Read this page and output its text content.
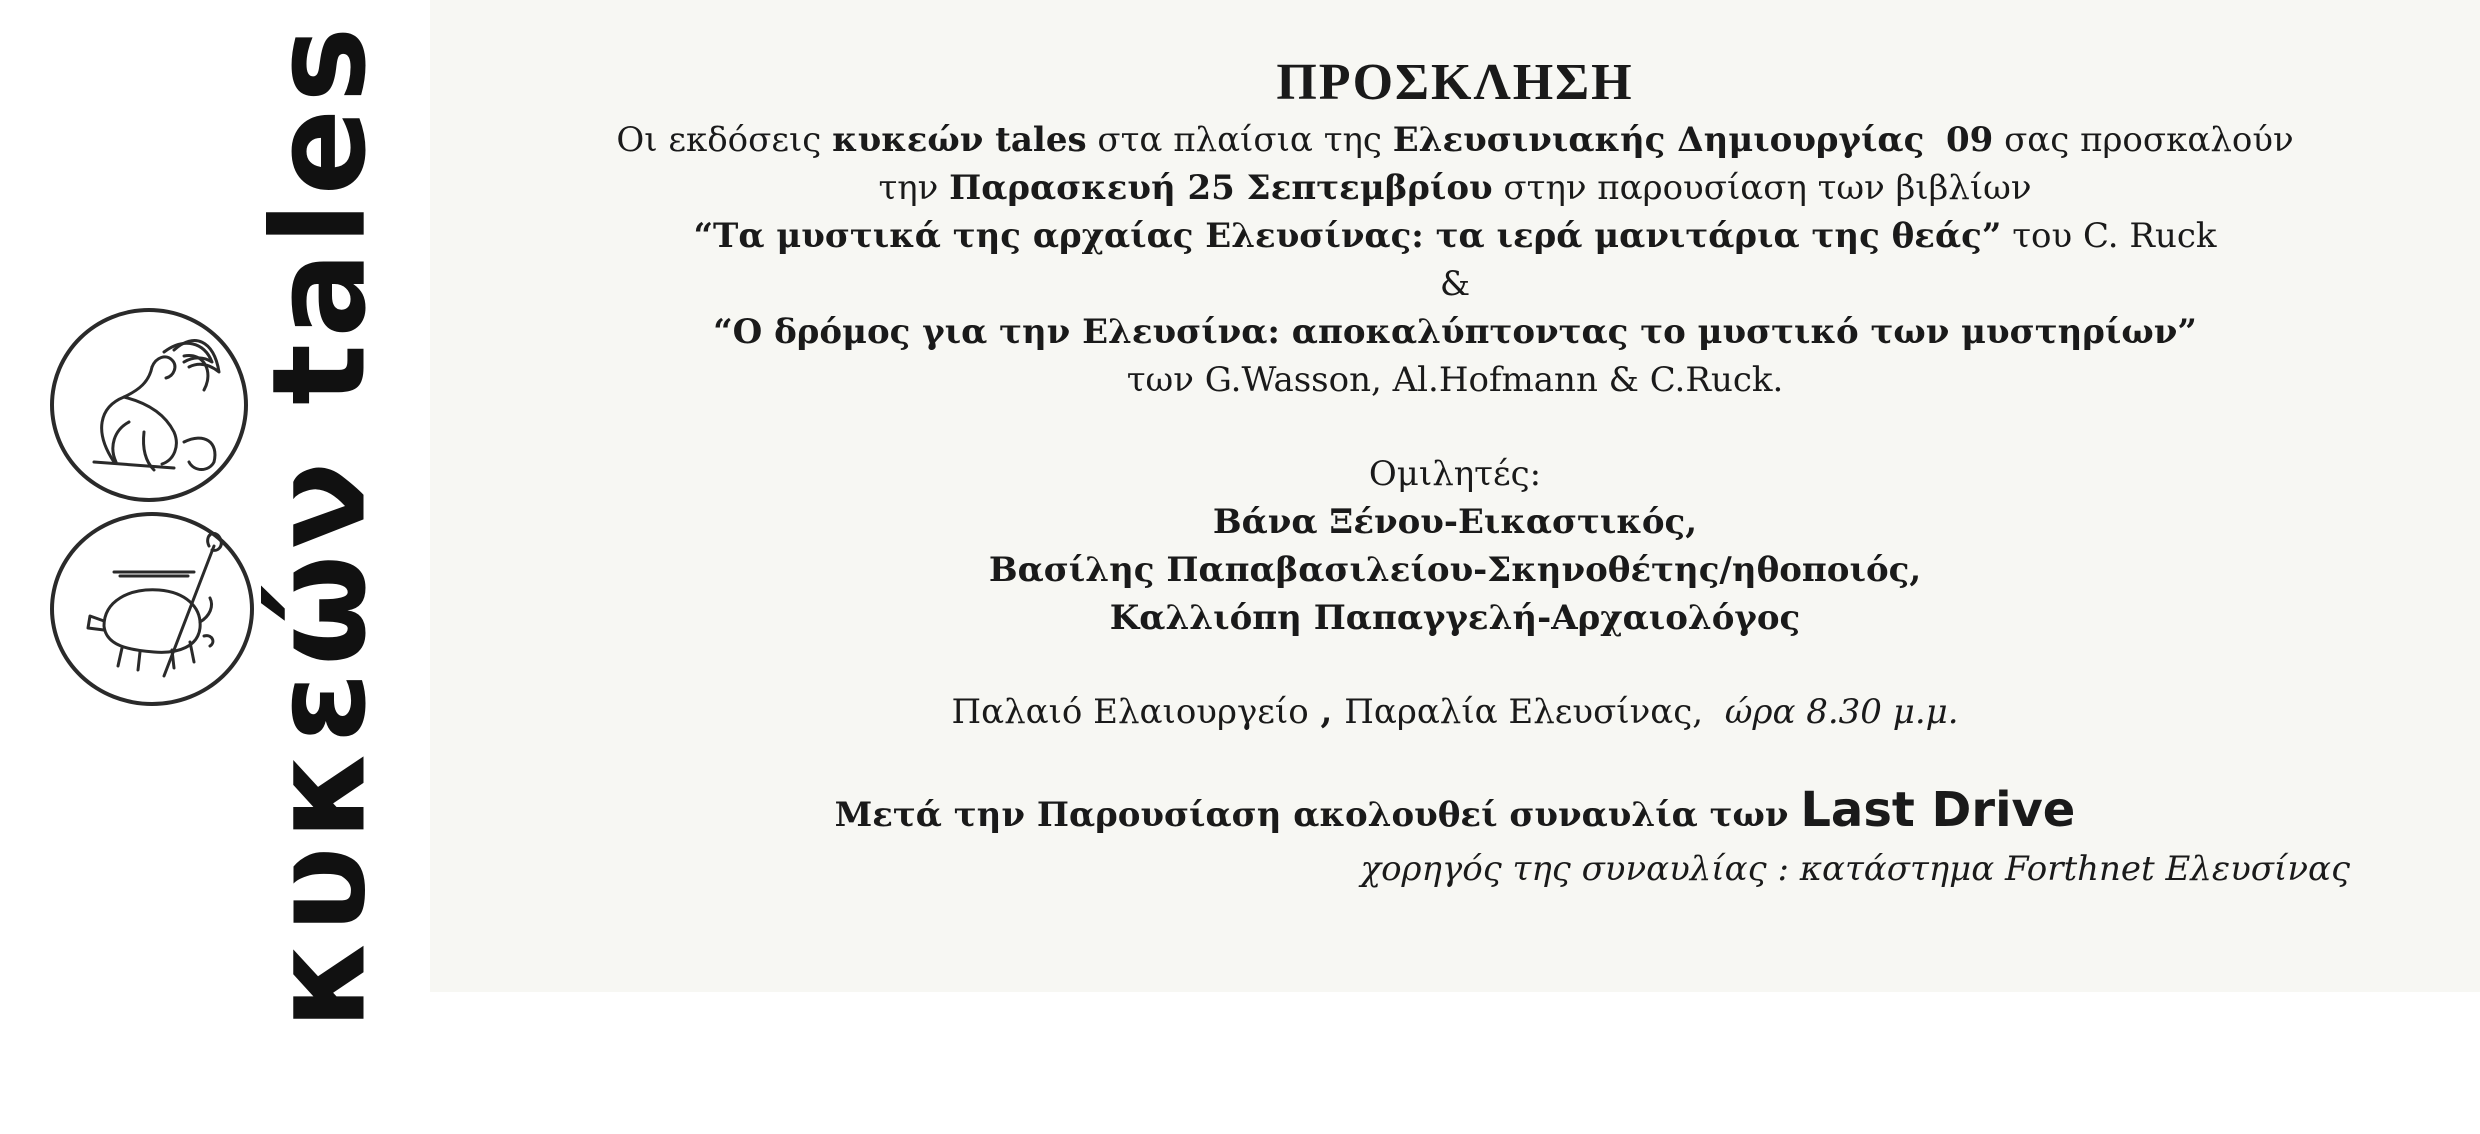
κυκεών tales	ΠΡΟΣΚΛΗΣΗ

Οι εκδόσεις κυκεών tales στα πλαίσια της Ελευσινιακής Δημιουργίας 09 σας προσκαλούν

την Παρασκευή 25 Σεπτεμβρίου στην παρουσίαση των βιβλίων

“Τα μυστικά της αρχαίας Ελευσίνας: τα ιερά μανιτάρια της θεάς” του C. Ruck

&

“Ο δρόμος για την Ελευσίνα: αποκαλύπτοντας το μυστικό των μυστηρίων”

των G.Wasson, Al.Hofmann & C.Ruck.

Ομιλητές:

Βάνα Ξένου-Εικαστικός,

Βασίλης Παπαβασιλείου-Σκηνοθέτης/ηθοποιός,

Καλλιόπη Παπαγγελή-Αρχαιολόγος

Παλαιό Ελαιουργείο , Παραλία Ελευσίνας, ώρα 8.30 μ.μ.

Μετά την Παρουσίαση ακολουθεί συναυλία των Last Drive

χορηγός της συναυλίας : κατάστημα Forthnet Ελευσίνας
